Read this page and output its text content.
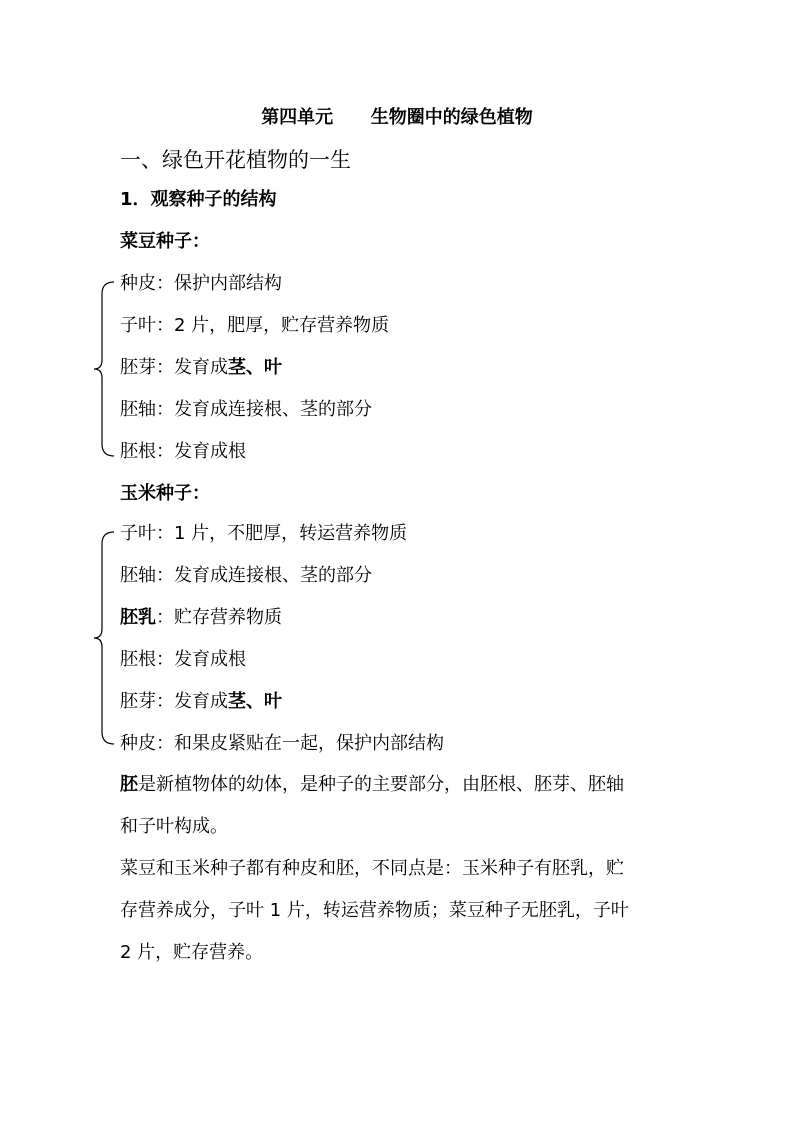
第四单元      生物圈中的绿色植物
一、绿色开花植物的一生
1．观察种子的结构
菜豆种子：
种皮：保护内部结构
子叶：2 片，肥厚，贮存营养物质
胚芽：发育成茎、叶
胚轴：发育成连接根、茎的部分
胚根：发育成根
玉米种子：
子叶：1 片，不肥厚，转运营养物质
胚轴：发育成连接根、茎的部分
胚乳：贮存营养物质
胚根：发育成根
胚芽：发育成茎、叶
种皮：和果皮紧贴在一起，保护内部结构
胚是新植物体的幼体，是种子的主要部分，由胚根、胚芽、胚轴
和子叶构成。
菜豆和玉米种子都有种皮和胚，不同点是：玉米种子有胚乳，贮
存营养成分，子叶 1 片，转运营养物质；菜豆种子无胚乳，子叶
2 片，贮存营养。
